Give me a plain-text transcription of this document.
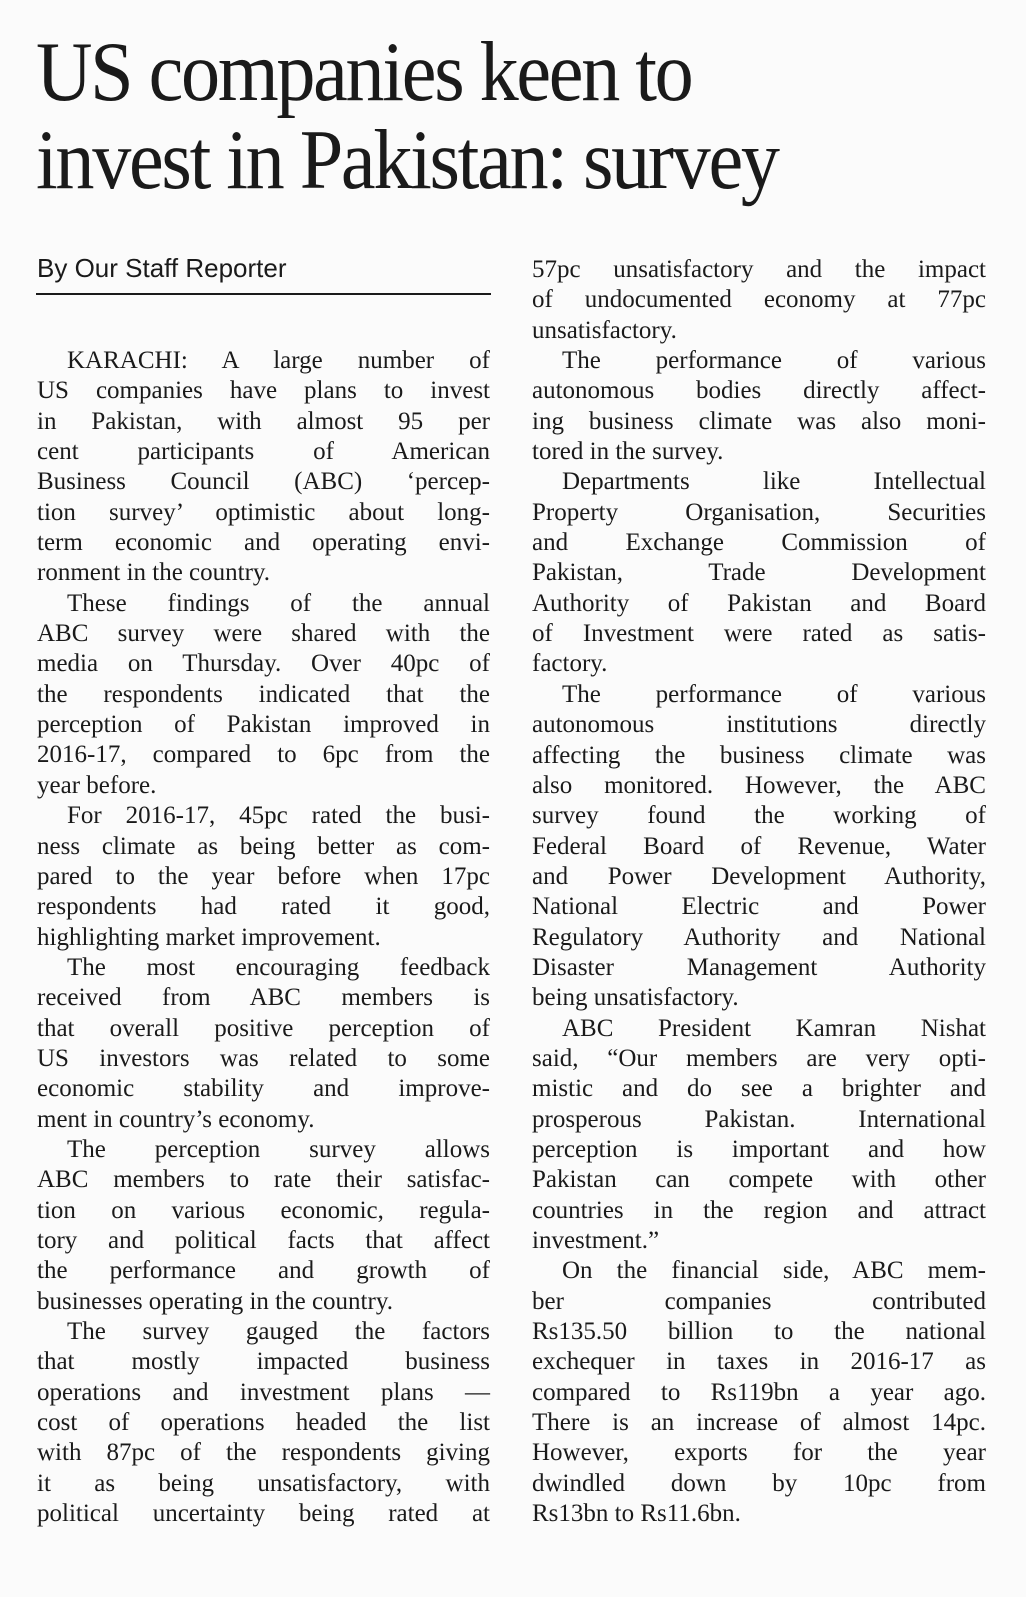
US companies keen to
invest in Pakistan: survey
By Our Staff Reporter
KARACHI: A large number of
US companies have plans to invest
in Pakistan, with almost 95 per
cent participants of American
Business Council (ABC) ‘percep-
tion survey’ optimistic about long-
term economic and operating envi-
ronment in the country.
These findings of the annual
ABC survey were shared with the
media on Thursday. Over 40pc of
the respondents indicated that the
perception of Pakistan improved in
2016-17, compared to 6pc from the
year before.
For 2016-17, 45pc rated the busi-
ness climate as being better as com-
pared to the year before when 17pc
respondents had rated it good,
highlighting market improvement.
The most encouraging feedback
received from ABC members is
that overall positive perception of
US investors was related to some
economic stability and improve-
ment in country’s economy.
The perception survey allows
ABC members to rate their satisfac-
tion on various economic, regula-
tory and political facts that affect
the performance and growth of
businesses operating in the country.
The survey gauged the factors
that mostly impacted business
operations and investment plans —
cost of operations headed the list
with 87pc of the respondents giving
it as being unsatisfactory, with
political uncertainty being rated at
57pc unsatisfactory and the impact
of undocumented economy at 77pc
unsatisfactory.
The performance of various
autonomous bodies directly affect-
ing business climate was also moni-
tored in the survey.
Departments like Intellectual
Property Organisation, Securities
and Exchange Commission of
Pakistan, Trade Development
Authority of Pakistan and Board
of Investment were rated as satis-
factory.
The performance of various
autonomous institutions directly
affecting the business climate was
also monitored. However, the ABC
survey found the working of
Federal Board of Revenue, Water
and Power Development Authority,
National Electric and Power
Regulatory Authority and National
Disaster Management Authority
being unsatisfactory.
ABC President Kamran Nishat
said, “Our members are very opti-
mistic and do see a brighter and
prosperous Pakistan. International
perception is important and how
Pakistan can compete with other
countries in the region and attract
investment.”
On the financial side, ABC mem-
ber companies contributed
Rs135.50 billion to the national
exchequer in taxes in 2016-17 as
compared to Rs119bn a year ago.
There is an increase of almost 14pc.
However, exports for the year
dwindled down by 10pc from
Rs13bn to Rs11.6bn.
